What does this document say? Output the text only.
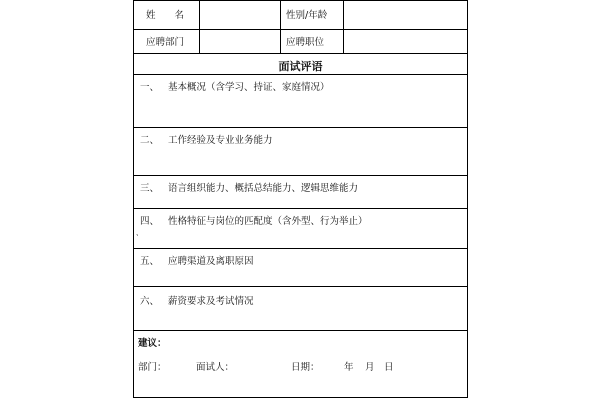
姓　　名	性别/年龄
应聘部门	应聘职位
面试评语
一、 基本概况（含学习、持证、家庭情况）
二、 工作经验及专业业务能力
三、 语言组织能力、概括总结能力、逻辑思维能力
四、 性格特征与岗位的匹配度（含外型、行为举止）
、
五、 应聘渠道及离职原因
六、 薪资要求及考试情况
建议：
部门：	面试人：	日期：	年 月 日
